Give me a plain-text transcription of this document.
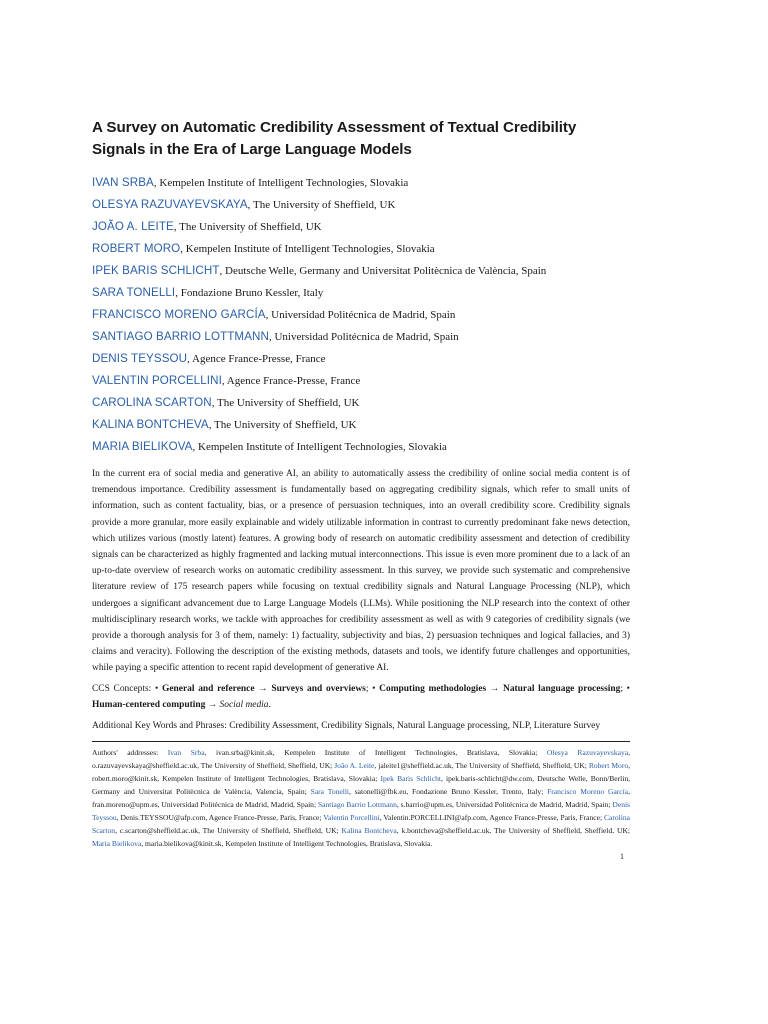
A Survey on Automatic Credibility Assessment of Textual Credibility Signals in the Era of Large Language Models
IVAN SRBA, Kempelen Institute of Intelligent Technologies, Slovakia
OLESYA RAZUVAYEVSKAYA, The University of Sheffield, UK
JOÃO A. LEITE, The University of Sheffield, UK
ROBERT MORO, Kempelen Institute of Intelligent Technologies, Slovakia
IPEK BARIS SCHLICHT, Deutsche Welle, Germany and Universitat Politècnica de València, Spain
SARA TONELLI, Fondazione Bruno Kessler, Italy
FRANCISCO MORENO GARCÍA, Universidad Politécnica de Madrid, Spain
SANTIAGO BARRIO LOTTMANN, Universidad Politécnica de Madrid, Spain
DENIS TEYSSOU, Agence France-Presse, France
VALENTIN PORCELLINI, Agence France-Presse, France
CAROLINA SCARTON, The University of Sheffield, UK
KALINA BONTCHEVA, The University of Sheffield, UK
MARIA BIELIKOVA, Kempelen Institute of Intelligent Technologies, Slovakia

In the current era of social media and generative AI, an ability to automatically assess the credibility of online social media content is of tremendous importance. Credibility assessment is fundamentally based on aggregating credibility signals, which refer to small units of information, such as content factuality, bias, or a presence of persuasion techniques, into an overall credibility score. Credibility signals provide a more granular, more easily explainable and widely utilizable information in contrast to currently predominant fake news detection, which utilizes various (mostly latent) features. A growing body of research on automatic credibility assessment and detection of credibility signals can be characterized as highly fragmented and lacking mutual interconnections. This issue is even more prominent due to a lack of an up-to-date overview of research works on automatic credibility assessment. In this survey, we provide such systematic and comprehensive literature review of 175 research papers while focusing on textual credibility signals and Natural Language Processing (NLP), which undergoes a significant advancement due to Large Language Models (LLMs). While positioning the NLP research into the context of other multidisciplinary research works, we tackle with approaches for credibility assessment as well as with 9 categories of credibility signals (we provide a thorough analysis for 3 of them, namely: 1) factuality, subjectivity and bias, 2) persuasion techniques and logical fallacies, and 3) claims and veracity). Following the description of the existing methods, datasets and tools, we identify future challenges and opportunities, while paying a specific attention to recent rapid development of generative AI.

CCS Concepts: • General and reference → Surveys and overviews; • Computing methodologies → Natural language processing; • Human-centered computing → Social media.

Additional Key Words and Phrases: Credibility Assessment, Credibility Signals, Natural Language processing, NLP, Literature Survey

Authors' addresses: Ivan Srba, ivan.srba@kinit.sk, Kempelen Institute of Intelligent Technologies, Bratislava, Slovakia; Olesya Razuvayevskaya, o.razuvayevskaya@sheffield.ac.uk, The University of Sheffield, Sheffield, UK; João A. Leite, jaleite1@sheffield.ac.uk, The University of Sheffield, Sheffield, UK; Robert Moro, robert.moro@kinit.sk, Kempelen Institute of Intelligent Technologies, Bratislava, Slovakia; Ipek Baris Schlicht, ipek.baris-schlicht@dw.com, Deutsche Welle, Bonn/Berlin, Germany and Universitat Politècnica de València, Valencia, Spain; Sara Tonelli, satonelli@fbk.eu, Fondazione Bruno Kessler, Trento, Italy; Francisco Moreno García, fran.moreno@upm.es, Universidad Politécnica de Madrid, Madrid, Spain; Santiago Barrio Lottmann, s.barrio@upm.es, Universidad Politécnica de Madrid, Madrid, Spain; Denis Teyssou, Denis.TEYSSOU@afp.com, Agence France-Presse, Paris, France; Valentin Porcellini, Valentin.PORCELLINI@afp.com, Agence France-Presse, Paris, France; Carolina Scarton, c.scarton@sheffield.ac.uk, The University of Sheffield, Sheffield, UK; Kalina Bontcheva, k.bontcheva@sheffield.ac.uk, The University of Sheffield, Sheffield, UK; Maria Bielikova, maria.bielikova@kinit.sk, Kempelen Institute of Intelligent Technologies, Bratislava, Slovakia.

1
